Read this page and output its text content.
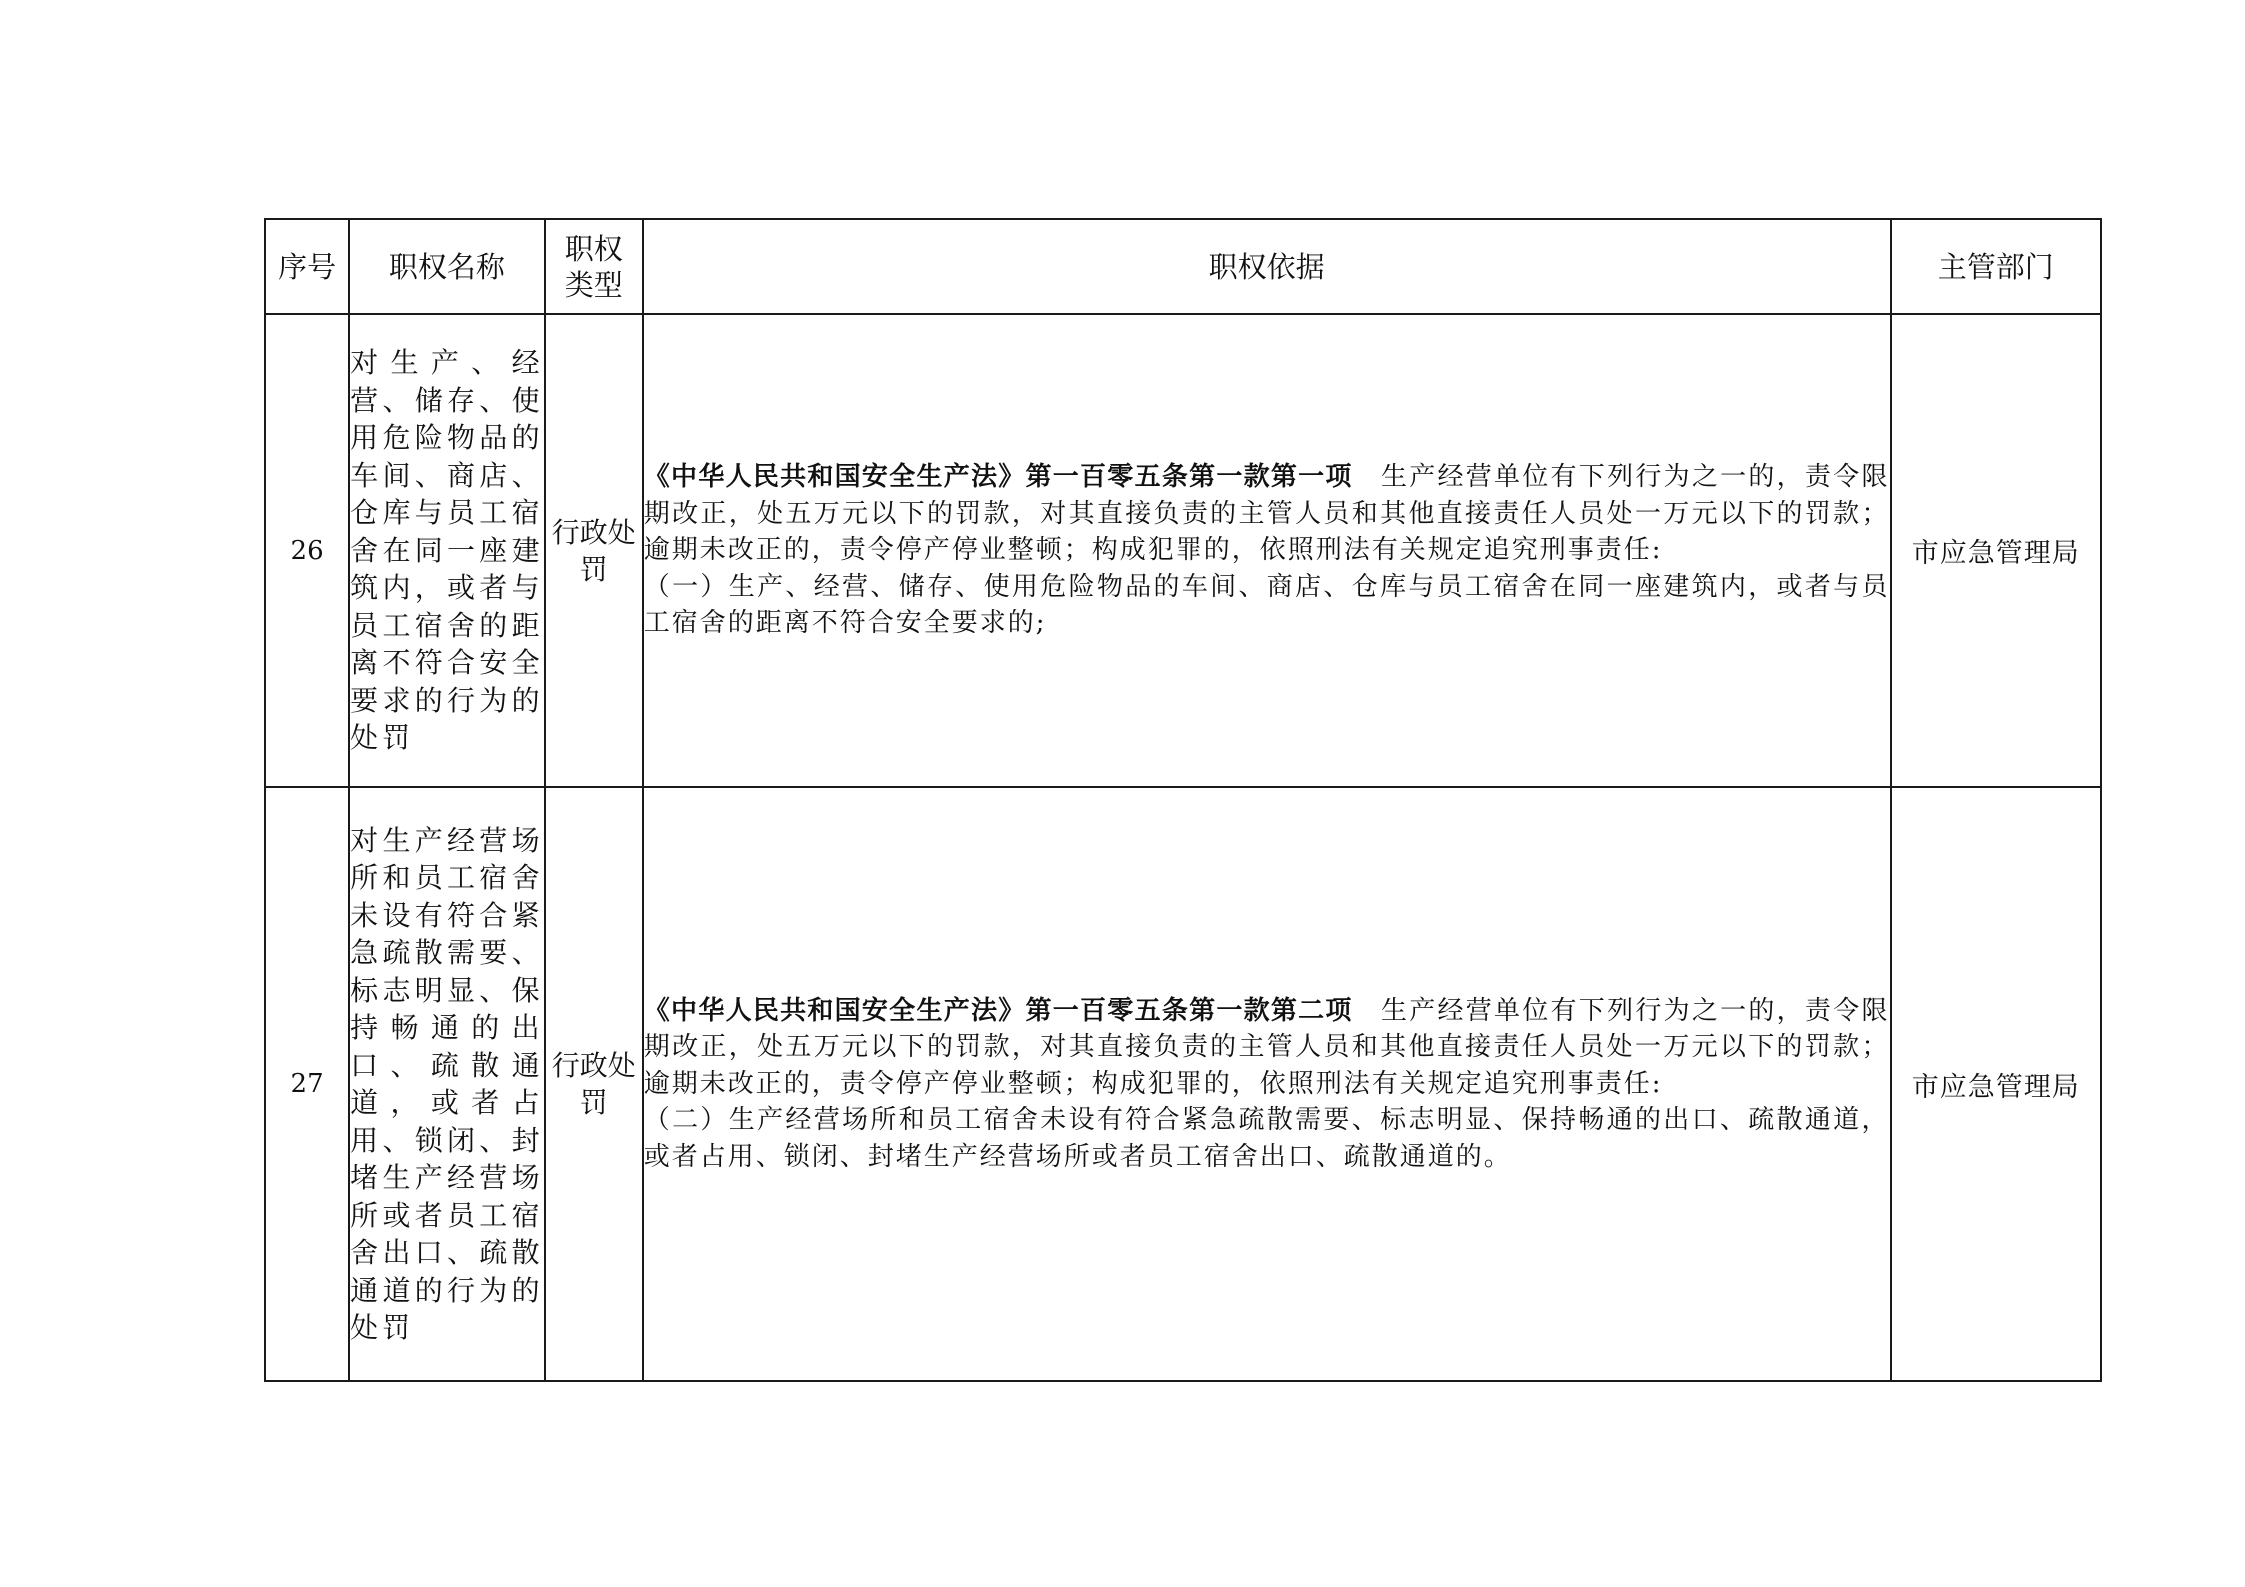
序号	职权名称	职权类型	职权依据	主管部门
26	对生产、经营、储存、使用危险物品的车间、商店、仓库与员工宿舍在同一座建筑内，或者与员工宿舍的距离不符合安全要求的行为的处罚	行政处罚	《中华人民共和国安全生产法》第一百零五条第一款第一项　 生产经营单位有下列行为之一的，责令限期改正，处五万元以下的罚款，对其直接负责的主管人员和其他直接责任人员处一万元以下的罚款；逾期未改正的，责令停产停业整顿；构成犯罪的，依照刑法有关规定追究刑事责任:
（一）生产、经营、储存、使用危险物品的车间、商店、仓库与员工宿舍在同一座建筑内，或者与员工宿舍的距离不符合安全要求的;	市应急管理局
27	对生产经营场所和员工宿舍未设有符合紧急疏散需要、标志明显、保持畅通的出口、疏散通道，或者占用、锁闭、封堵生产经营场所或者员工宿舍出口、疏散通道的行为的处罚	行政处罚	《中华人民共和国安全生产法》第一百零五条第一款第二项　 生产经营单位有下列行为之一的，责令限期改正，处五万元以下的罚款，对其直接负责的主管人员和其他直接责任人员处一万元以下的罚款；逾期未改正的，责令停产停业整顿；构成犯罪的，依照刑法有关规定追究刑事责任:
（二）生产经营场所和员工宿舍未设有符合紧急疏散需要、标志明显、保持畅通的出口、疏散通道，或者占用、锁闭、封堵生产经营场所或者员工宿舍出口、疏散通道的。	市应急管理局
